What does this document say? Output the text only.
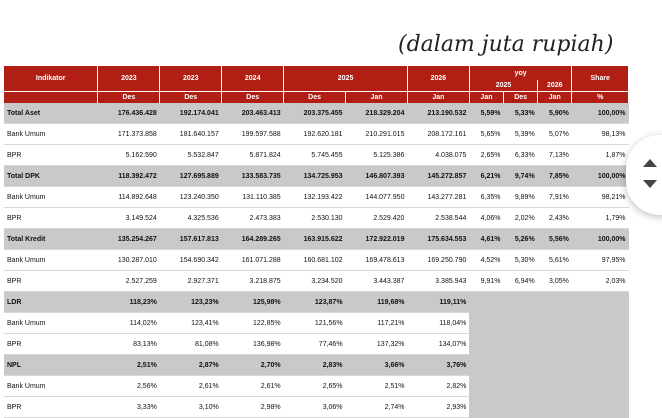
(dalam juta rupiah)
Indikator	2023	2023	2024	2025		2026	yoy			Share
							2025		2026	
	Des	Des	Des	Des	Jan	Jan	Jan	Des	Jan	%
Total Aset	176.436.428	192.174.041	203.463.413	203.375.455	218.329.204	213.190.532	5,59%	5,33%	5,90%	100,00%
Bank Umum	171.373.858	181.640.157	199.597.588	192.620.181	210.291.015	208.172.161	5,65%	5,39%	5,07%	98,13%
BPR	5.162.590	5.532.847	5.871.824	5.745.455	5.125.386	4.038.075	2,65%	6,33%	7,13%	1,87%
Total DPK	118.392.472	127.695.889	133.583.735	134.725.953	146.807.393	145.272.857	6,21%	9,74%	7,85%	100,00%
Bank Umum	114.892.648	123.240.350	131.110.385	132.193.422	144.077.950	143.277.281	6,35%	9,89%	7,91%	98,21%
BPR	3.149.524	4.325.536	2.473.383	2.530.130	2.529.420	2.538.544	4,06%	2,02%	2,43%	1,79%
Total Kredit	135.254.267	157.617.813	164.289.265	163.915.622	172.922.019	175.634.553	4,61%	5,26%	5,56%	100,00%
Bank Umum	130.287.010	154.690.342	161.071.288	160.681.102	169.478.613	169.250.790	4,52%	5,30%	5,61%	97,95%
BPR	2.527.259	2.927.371	3.218.875	3.234.520	3.443.387	3.385.943	9,91%	6,94%	3,05%	2,03%
LDR	118,23%	123,23%	125,98%	123,87%	119,68%	119,11%				
Bank Umum	114,02%	123,41%	122,85%	121,56%	117,21%	118,04%				
BPR	83,13%	81,08%	136,98%	77,46%	137,32%	134,07%				
NPL	2,51%	2,87%	2,70%	2,83%	3,66%	3,76%				
Bank Umum	2,56%	2,61%	2,61%	2,65%	2,51%	2,82%				
BPR	3,33%	3,10%	2,98%	3,06%	2,74%	2,93%				
